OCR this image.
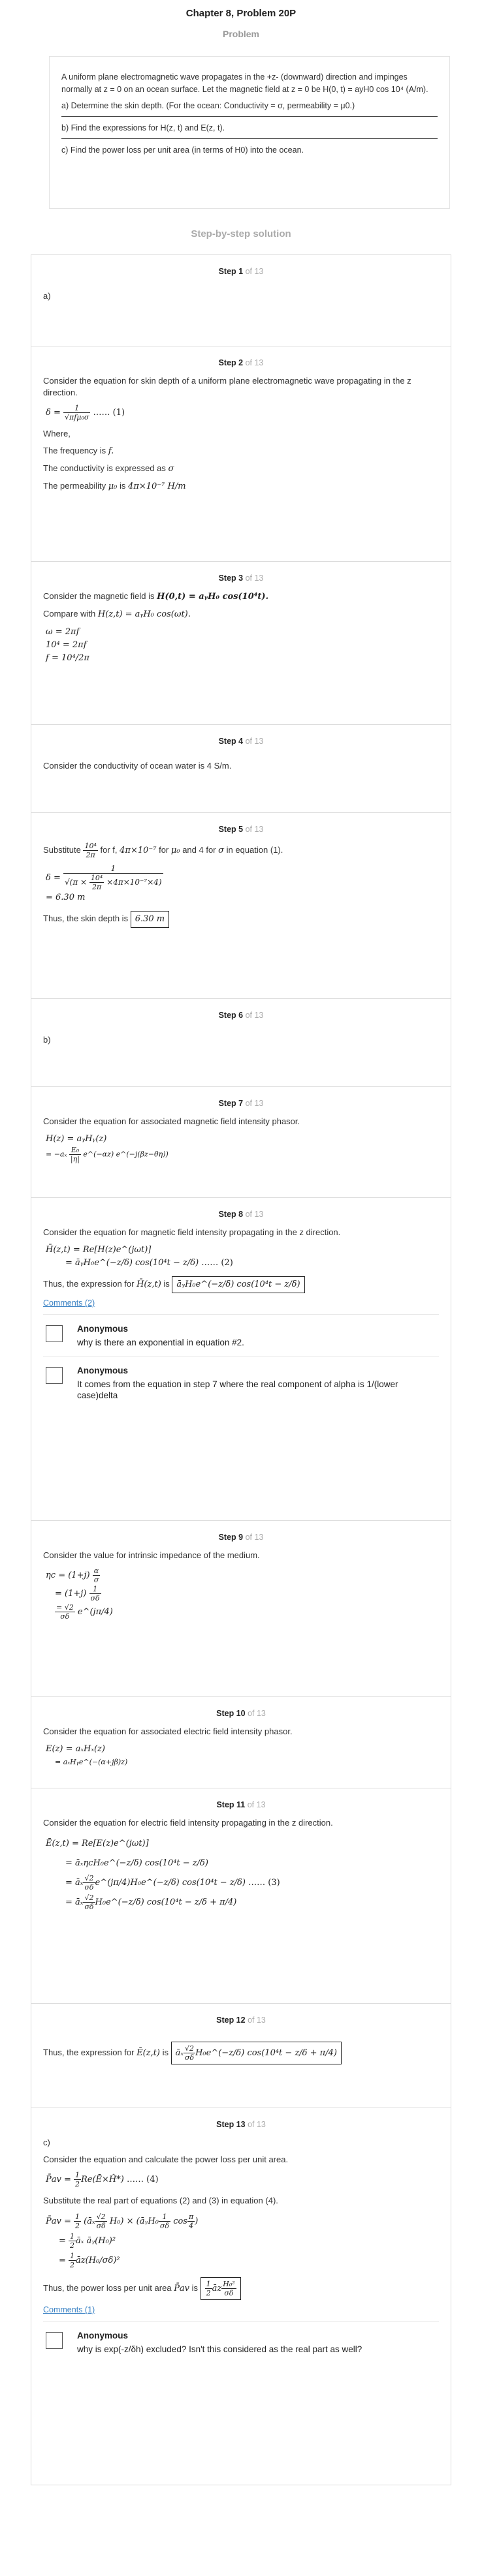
Chapter 8, Problem 20P
Problem

A uniform plane electromagnetic wave propagates in the +z- (downward) direction and impinges normally at z = 0 on an ocean surface. Let the magnetic field at z = 0 be H(0, t) = ayH0 cos 10⁴ (A/m).

a) Determine the skin depth. (For the ocean: Conductivity = σ, permeability = μ0.)

b) Find the expressions for H(z, t) and E(z, t).

c) Find the power loss per unit area (in terms of H0) into the ocean.

Step-by-step solution
Step 1 of 13
a)
Step 2 of 13
Consider the equation for skin depth of a uniform plane electromagnetic wave propagating in the z direction.
$\delta = \frac{1}{\text{√πfμ₀σ}}$ …… (1)
Where,
The frequency is f.
The conductivity is expressed as σ
The permeability μ₀ is 4π×10⁻⁷ H/m
Step 3 of 13
Consider the magnetic field is H(0,t) = aᵧH₀ cos(10⁴t).
Compare with H(z,t) = aᵧH₀ cos(ωt).
ω = 2πf
10⁴ = 2πf
f = 10⁴/2π
Step 4 of 13
Consider the conductivity of ocean water is 4 S/m.
Step 5 of 13
Substitute $\frac{\text{10⁴}}{2\pi}$ for f, 4π×10⁻⁷ for μ₀ and 4 for σ in equation (1).
$\delta = \frac{1}{√(\pi \times \frac{\text{10⁴}}{2\pi} \times 4\pi\times 10^{-7}\times 4)}$
= 6.30 m
Thus, the skin depth is 6.30 m
Step 6 of 13
b)
Step 7 of 13
Consider the equation for associated magnetic field intensity phasor.
H(z) = aᵧHᵧ(z)
= $-a_x \frac{\text{E₀}}{|\eta|}$ e^(−αz) e^(−j(βz−θη))
Step 8 of 13
Consider the equation for magnetic field intensity propagating in the z direction.
H̄(z,t) = Re[H(z)e^(jωt)]
= āᵧH₀e^(−z/δ) cos(10⁴t − z/δ) …… (2)
Thus, the expression for H̄(z,t) is āᵧH₀e^(−z/δ) cos(10⁴t − z/δ)
Comments (2)
Anonymous
why is there an exponential in equation #2.
Anonymous
It comes from the equation in step 7 where the real component of alpha is 1/(lower case)delta
Step 9 of 13
Consider the value for intrinsic impedance of the medium.
$\eta c = (1+j) \frac{\alpha}{\sigma}$
= $(1+j) \frac{1}{\sigma\delta}$
$\frac{= √2}{\sigma\delta}$ e^(jπ/4)
Step 10 of 13
Consider the equation for associated electric field intensity phasor.
E(z) = aₓHₓ(z)
= aₓHᵧe^(−(α+jβ)z)
Step 11 of 13
Consider the equation for electric field intensity propagating in the z direction.
Ē(z,t) = Re[E(z)e^(jωt)]
= āₓηcH₀e^(−z/δ) cos(10⁴t − z/δ)
= āₓ $\frac{√2}{\sigma\delta}$ e^(jπ/4)H₀e^(−z/δ) cos(10⁴t − z/δ) …… (3)
= āₓ $\frac{√2}{\sigma\delta}$ H₀e^(−z/δ) cos(10⁴t − z/δ + π/4)
Step 12 of 13
Thus, the expression for Ē(z,t) is āₓ $\frac{√2}{\sigma\delta}$ H₀e^(−z/δ) cos(10⁴t − z/δ + π/4)
Step 13 of 13
c)
Consider the equation and calculate the power loss per unit area.
P̄av = $\frac{1}{2}$ Re(Ē×Ĥ*) …… (4)
Substitute the real part of equations (2) and (3) in equation (4).
P̄av = $\frac{1}{2}$ (āₓ $\frac{√2}{\sigma\delta} H_0$) × (āᵧH₀ $\frac{1}{\sigma\delta}$ $\cos \frac{\pi}{4}$ )
= $\frac{1}{2}$ āₓ āᵧ(H₀)²
= $\frac{1}{2}$ āz(H₀/σδ)²
Thus, the power loss per unit area P̄av is $\frac{1}{2}$ āz $\frac{\text{H₀²}}{\sigma\delta}$
Comments (1)
Anonymous
why is exp(-z/δh) excluded? Isn't this considered as the real part as well?
